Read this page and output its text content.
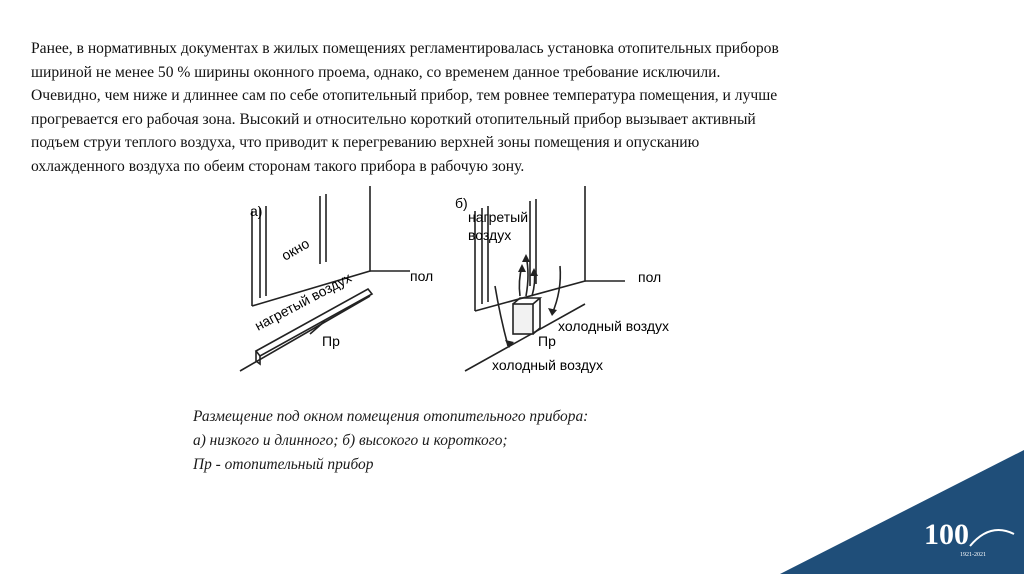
Ранее, в нормативных документах в жилых помещениях регламентировалась установка отопительных приборов
шириной не менее 50 % ширины оконного проема, однако, со временем данное требование исключили.
Очевидно, чем ниже и длиннее сам по себе отопительный прибор, тем ровнее температура помещения, и лучше
прогревается его рабочая зона. Высокий и относительно короткий отопительный прибор вызывает активный
подъем струи теплого воздуха, что приводит к перегреванию верхней зоны помещения и опусканию
охлажденного воздуха по обеим сторонам такого прибора в рабочую зону.
а)
окно
нагретый воздух	пол
Пр
б)
нагретый
воздух
пол
холодный воздух
Пр
холодный воздух
Размещение под окном помещения отопительного прибора:
а) низкого и длинного; б) высокого и короткого;
Пр - отопительный прибор
100
1921-2021
